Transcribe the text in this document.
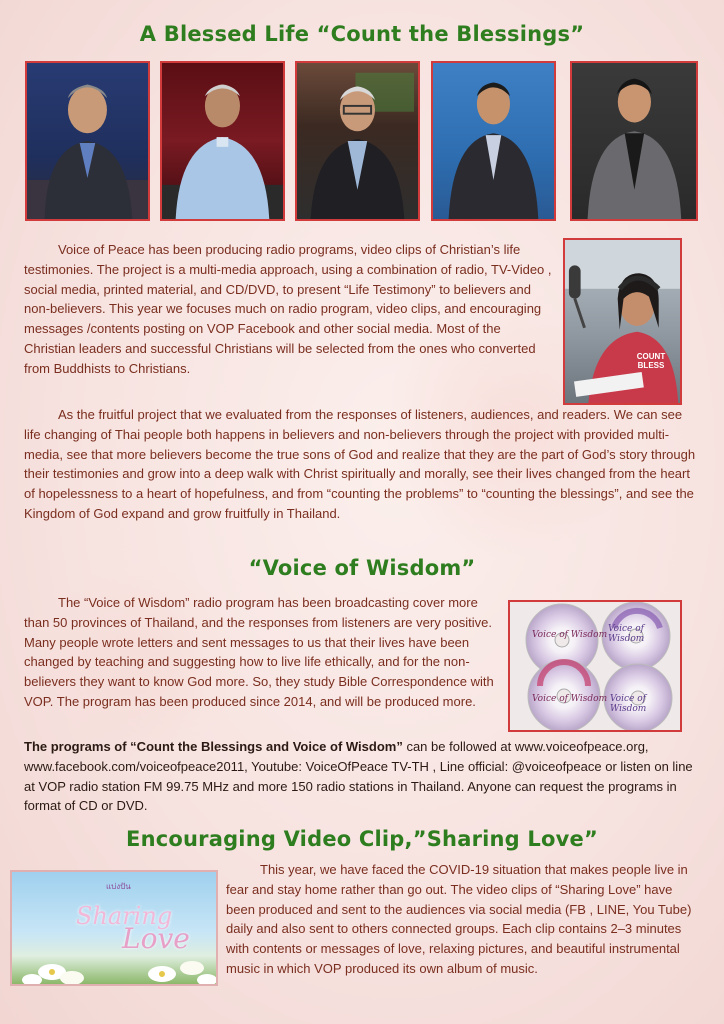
A Blessed Life “Count the Blessings”
COUNT BLESS

Voice of Peace has been producing radio programs, video clips of Christian’s life testimonies. The project is a multi-media approach, using a combination of radio, TV-Video , social media, printed material, and CD/DVD, to present “Life Testimony” to believers and non-believers. This year we focuses much on radio program, video clips, and encouraging messages /contents posting on VOP Facebook and other social media. Most of the Christian leaders and successful Christians will be selected from the ones who converted from Buddhists to Christians.

As the fruitful project that we evaluated from the responses of listeners, audiences, and readers. We can see life changing of Thai people both happens in believers and non-believers through the project with provided multi-media, see that more believers become the true sons of God and realize that they are the part of God’s story through their testimonies and grow into a deep walk with Christ spiritually and morally, see their lives changed from the heart of hopelessness to a heart of hopefulness, and from “counting the problems” to “counting the blessings”, and see the Kingdom of God expand and grow fruitfully in Thailand.

“Voice of Wisdom”
Voice of Wisdom
Voice of Wisdom
Voice of Wisdom Voice of Wisdom

The “Voice of Wisdom” radio program has been broadcasting cover more than 50 provinces of Thailand, and the responses from listeners are very positive. Many people wrote letters and sent messages to us that their lives have been changed by teaching and suggesting how to live life ethically, and for the non-believers they want to know God more. So, they study Bible Correspondence with VOP. The program has been produced since 2014, and will be produced more.

The programs of “Count the Blessings and Voice of Wisdom” can be followed at www.voiceofpeace.org, www.facebook.com/voiceofpeace2011, Youtube: VoiceOfPeace TV-TH , Line official: @voiceofpeace or listen on line at VOP radio station FM 99.75 MHz and more 150 radio stations in Thailand. Anyone can request the programs in format of CD or DVD.

Encouraging Video Clip,”Sharing Love”
แบ่งปัน
Sharing
Love

This year, we have faced the COVID-19 situation that makes people live in fear and stay home rather than go out. The video clips of “Sharing Love” have been produced and sent to the audiences via social media (FB , LINE, You Tube) daily and also sent to others connected groups. Each clip contains 2–3 minutes with contents or messages of love, relaxing pictures, and beautiful instrumental music in which VOP produced its own album of music.
